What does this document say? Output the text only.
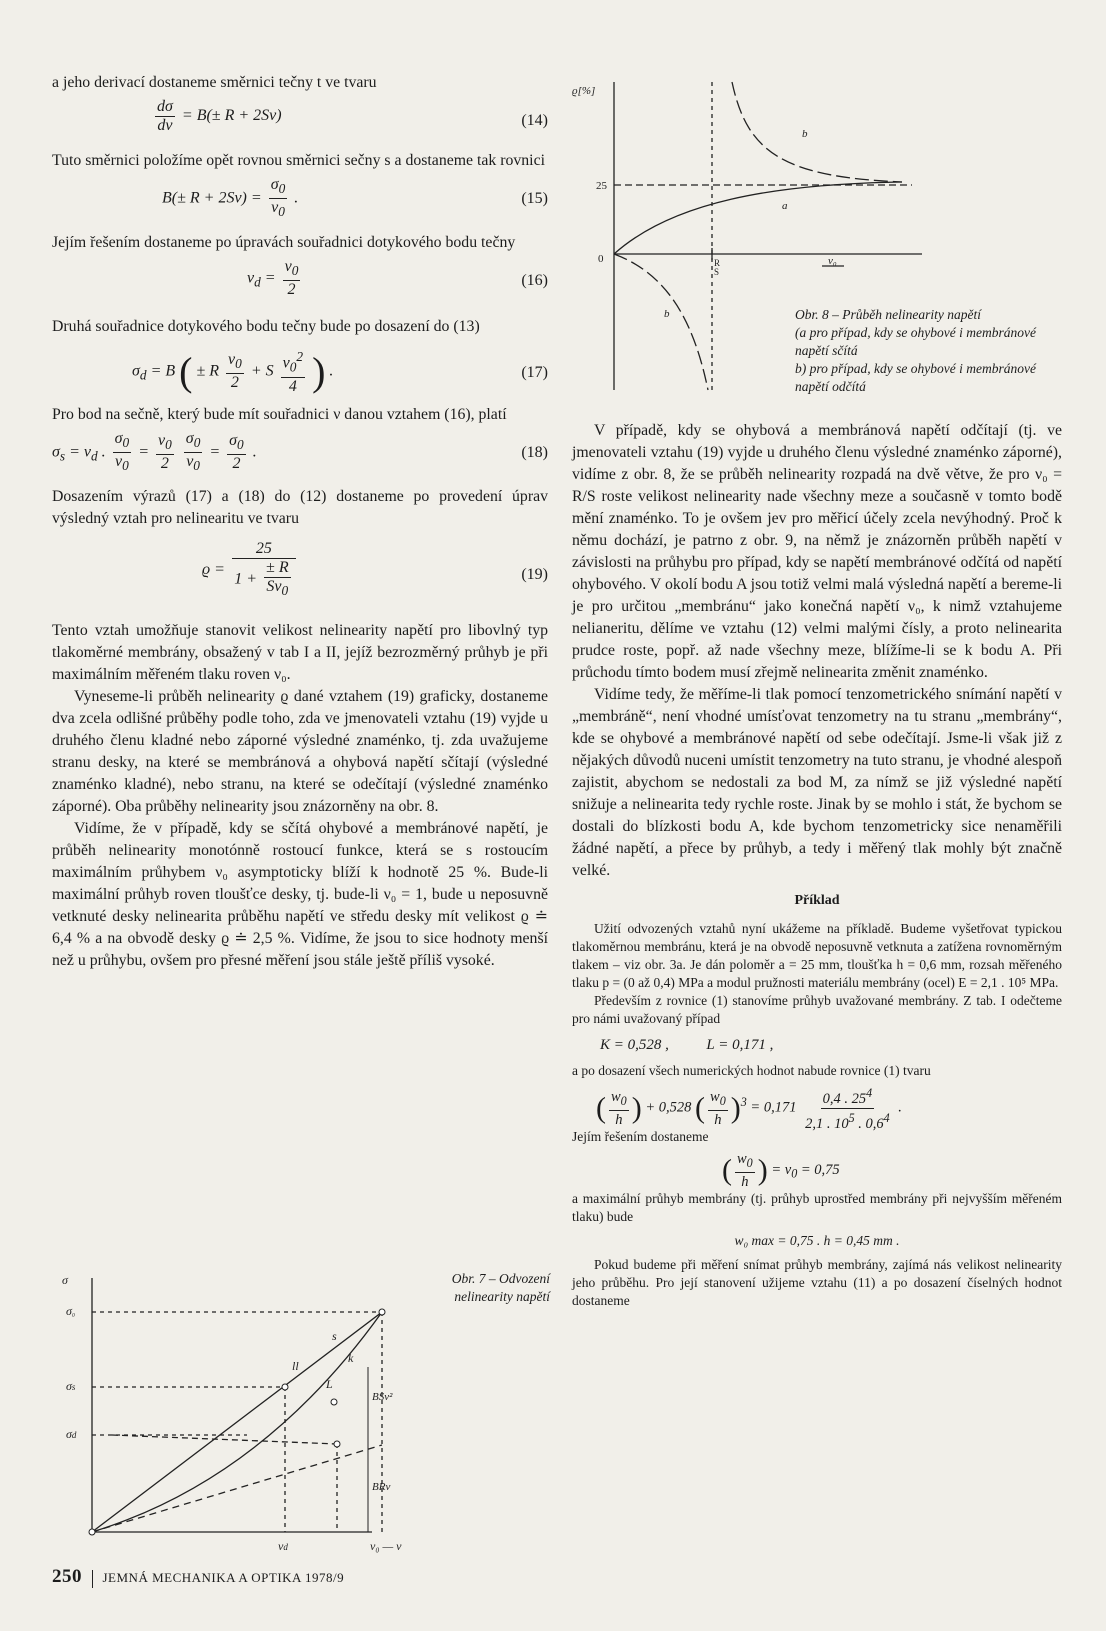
a jeho derivací dostaneme směrnici tečny t ve tvaru

$\frac{d\sigma}{d\nu} = B(\pm R + 2S\nu)$	(14)

Tuto směrnici položíme opět rovnou směrnici sečny s a dostaneme tak rovnici

$B(\pm R + 2S\nu) = \frac{\sigma_0}{\nu_0}$ .	(15)

Jejím řešením dostaneme po úpravách souřadnici dotykového bodu tečny

$\nu_d = \frac{\nu_0}{2}$	(16)

Druhá souřadnice dotykového bodu tečny bude po dosazení do (13)

$\sigma_d = B$ ( ± R $\frac{\nu_0}{2} + S \frac{\nu_0^2}{4}$ ) .	(17)

Pro bod na sečně, který bude mít souřadnici ν danou vztahem (16), platí

$\sigma_s = \nu_d$ . $\frac{\sigma_0}{\nu_0} = \frac{\nu_0}{2}$
$\frac{\sigma_0}{\nu_0} = \frac{\sigma_0}{2}$ .	(18)

Dosazením výrazů (17) a (18) do (12) dostaneme po provedení úprav výsledný vztah pro nelinearitu ve tvaru

$ϱ = \frac{25}{1 + \frac{\pm R}{S\nu_0}}$	(19)

Tento vztah umožňuje stanovit velikost nelinearity napětí pro libovlný typ tlakoměrné membrány, obsažený v tab I a II, jejíž bezrozměrný průhyb je při maximálním měřeném tlaku roven ν₀.

Vyneseme-li průběh nelinearity ϱ dané vztahem (19) graficky, dostaneme dva zcela odlišné průběhy podle toho, zda ve jmenovateli vztahu (19) vyjde u druhého členu kladné nebo záporné výsledné znaménko, tj. zda uvažujeme stranu desky, na které se membránová a ohybová napětí sčítají (výsledné znaménko kladné), nebo stranu, na které se odečítají (výsledné znaménko záporné). Oba průběhy nelinearity jsou znázorněny na obr. 8.

Vidíme, že v případě, kdy se sčítá ohybové a membránové napětí, je průběh nelinearity monotónně rostoucí funkce, která se s rostoucím maximálním průhybem ν₀ asymptoticky blíží k hodnotě 25 %. Bude-li maximální průhyb roven tloušťce desky, tj. bude-li ν₀ = 1, bude u neposuvně vetknuté desky nelinearita průběhu napětí ve středu desky mít velikost ϱ ≐ 6,4 % a na obvodě desky ϱ ≐ 2,5 %. Vidíme, že jsou to sice hodnoty menší než u průhybu, ovšem pro přesné měření jsou stále ještě příliš vysoké.

σ
σ₀
σs
σd
νd	ν₀ — ν
s
k
ll
L
BSν²
BRν
Obr. 7 – Odvození nelinearity napětí
ϱ[%]
25
0	R
S
ν₀
b
a
b	Obr. 8 – Průběh nelinearity napětí
(a pro případ, kdy se ohybové i membránové napětí sčítá
b) pro případ, kdy se ohybové i membránové napětí odčítá

V případě, kdy se ohybová a membránová napětí odčítají (tj. ve jmenovateli vztahu (19) vyjde u druhého členu výsledné znaménko záporné), vidíme z obr. 8, že se průběh nelinearity rozpadá na dvě větve, že pro ν₀ = R/S roste velikost nelinearity nade všechny meze a současně v tomto bodě mění znaménko. To je ovšem jev pro měřicí účely zcela nevýhodný. Proč k němu dochází, je patrno z obr. 9, na němž je znázorněn průběh napětí v závislosti na průhybu pro případ, kdy se napětí membránové odčítá od napětí ohybového. V okolí bodu A jsou totiž velmi malá výsledná napětí a bereme-li je pro určitou „membránu“ jako konečná napětí ν₀, k nimž vztahujeme nelianeritu, dělíme ve vztahu (12) velmi malými čísly, a proto nelinearita prudce roste, popř. až nade všechny meze, blížíme-li se k bodu A. Při průchodu tímto bodem musí zřejmě nelinearita změnit znaménko.

Vidíme tedy, že měříme-li tlak pomocí tenzometrického snímání napětí v „membráně“, není vhodné umísťovat tenzometry na tu stranu „membrány“, kde se ohybové a membránové napětí od sebe odečítají. Jsme-li však již z nějakých důvodů nuceni umístit tenzometry na tuto stranu, je vhodné alespoň zajistit, abychom se nedostali za bod M, za nímž se již výsledné napětí snižuje a nelinearita tedy rychle roste. Jinak by se mohlo i stát, že bychom se dostali do blízkosti bodu A, kde bychom tenzometricky sice nenaměřili žádné napětí, a přece by průhyb, a tedy i měřený tlak mohly být značně velké.

Příklad

Užití odvozených vztahů nyní ukážeme na příkladě. Budeme vyšetřovat typickou tlakoměrnou membránu, která je na obvodě neposuvně vetknuta a zatížena rovnoměrným tlakem – viz obr. 3a. Je dán poloměr a = 25 mm, tloušťka h = 0,6 mm, rozsah měřeného tlaku p = (0 až 0,4) MPa a modul pružnosti materiálu membrány (ocel) E = 2,1 . 10⁵ MPa.

Především z rovnice (1) stanovíme průhyb uvažované membrány. Z tab. I odečteme pro námi uvažovaný případ

K = 0,528 ,          L = 0,171 ,

a po dosazení všech numerických hodnot nabude rovnice (1) tvaru

( $\frac{w_0}{h}$ ) + 0,528 ( $\frac{w_0}{h} )^3 = 0,171 \frac{0,4 . 25^4}{2,1 . 10^5 . 0,6^4}$ .

Jejím řešením dostaneme

( $\frac{w_0}{h}$ ) = $\nu_0 = 0,75$

a maximální průhyb membrány (tj. průhyb uprostřed membrány při nejvyšším měřeném tlaku) bude

w₀ max = 0,75 . h = 0,45 mm .

Pokud budeme při měření snímat průhyb membrány, zajímá nás velikost nelinearity jeho průběhu. Pro její stanovení užijeme vztahu (11) a po dosazení číselných hodnot dostaneme

250 JEMNÁ MECHANIKA A OPTIKA 1978/9
